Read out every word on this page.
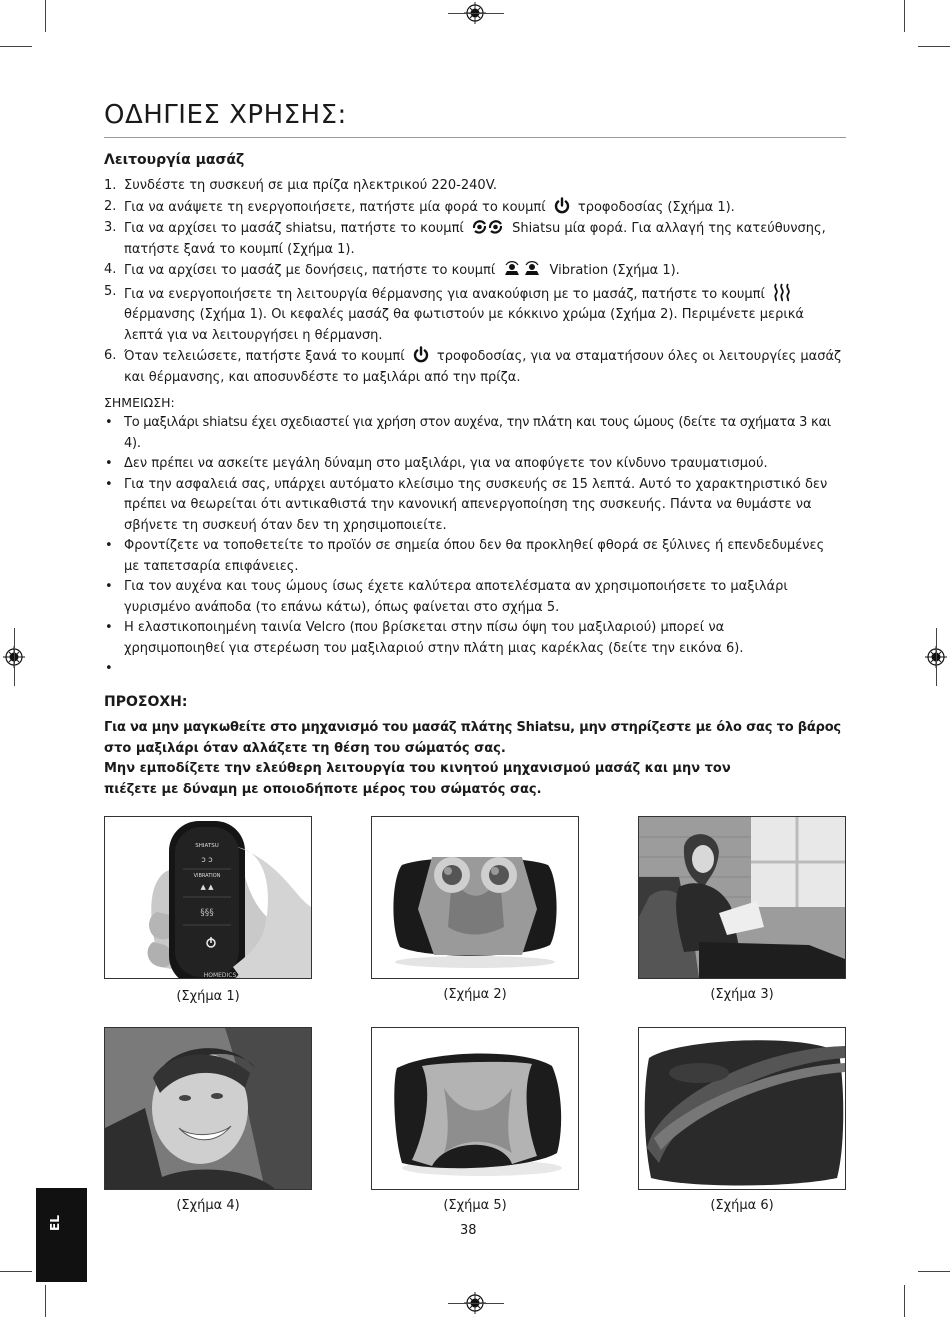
ΟΔΗΓΙΕΣ ΧΡΗΣΗΣ:
Λειτουργία μασάζ
1. Συνδέστε τη συσκευή σε μια πρίζα ηλεκτρικού 220-240V.
2. Για να ανάψετε τη ενεργοποιήσετε, πατήστε μία φορά το κουμπί τροφοδοσίας (Σχήμα 1).
3. Για να αρχίσει το μασάζ shiatsu, πατήστε το κουμπί	Shiatsu μία φορά. Για αλλαγή της κατεύθυνσης,
πατήστε ξανά το κουμπί (Σχήμα 1).
4. Για να αρχίσει το μασάζ με δονήσεις, πατήστε το κουμπί	Vibration (Σχήμα 1).
5. Για να ενεργοποιήσετε τη λειτουργία θέρμανσης για ανακούφιση με το μασάζ, πατήστε το κουμπί
θέρμανσης (Σχήμα 1). Οι κεφαλές μασάζ θα φωτιστούν με κόκκινο χρώμα (Σχήμα 2). Περιμένετε μερικά
λεπτά για να λειτουργήσει η θέρμανση.
6. Όταν τελειώσετε, πατήστε ξανά το κουμπί τροφοδοσίας, για να σταματήσουν όλες οι λειτουργίες μασάζ
και θέρμανσης, και αποσυνδέστε το μαξιλάρι από την πρίζα.

ΣΗΜΕΙΩΣΗ:

• Το μαξιλάρι shiatsu έχει σχεδιαστεί για χρήση στον αυχένα, την πλάτη και τους ώμους (δείτε τα σχήματα 3 και 4).
• Δεν πρέπει να ασκείτε μεγάλη δύναμη στο μαξιλάρι, για να αποφύγετε τον κίνδυνο τραυματισμού.
• Για την ασφαλειά σας, υπάρχει αυτόματο κλείσιμο της συσκευής σε 15 λεπτά. Αυτό το χαρακτηριστικό δεν
πρέπει να θεωρείται ότι αντικαθιστά την κανονική απενεργοποίηση της συσκευής. Πάντα να θυμάστε να
σβήνετε τη συσκευή όταν δεν τη χρησιμοποιείτε.
• Φροντίζετε να τοποθετείτε το προϊόν σε σημεία όπου δεν θα προκληθεί φθορά σε ξύλινες ή επενδεδυμένες
με ταπετσαρία επιφάνειες.
• Για τον αυχένα και τους ώμους ίσως έχετε καλύτερα αποτελέσματα αν χρησιμοποιήσετε το μαξιλάρι
γυρισμένο ανάποδα (το επάνω κάτω), όπως φαίνεται στο σχήμα 5.
• Η ελαστικοποιημένη ταινία Velcro (που βρίσκεται στην πίσω όψη του μαξιλαριού) μπορεί να
χρησιμοποιηθεί για στερέωση του μαξιλαριού στην πλάτη μιας καρέκλας (δείτε την εικόνα 6).
•
ΠΡΟΣΟΧΗ:
Για να μην μαγκωθείτε στο μηχανισμό του μασάζ πλάτης Shiatsu, μην στηρίζεστε με όλο σας το βάρος
στο μαξιλάρι όταν αλλάζετε τη θέση του σώματός σας.
Μην εμποδίζετε την ελεύθερη λειτουργία του κινητού μηχανισμού μασάζ και μην τον
πιέζετε με δύναμη με οποιοδήποτε μέρος του σώματός σας.
SHIATSU
ↄ ↄ
VIBRATION
▲ ▲
§§§
HOMEDICS
(Σχήμα 1)	(Σχήμα 2)	(Σχήμα 3)
(Σχήμα 4)	(Σχήμα 5)	(Σχήμα 6)
EL	38
